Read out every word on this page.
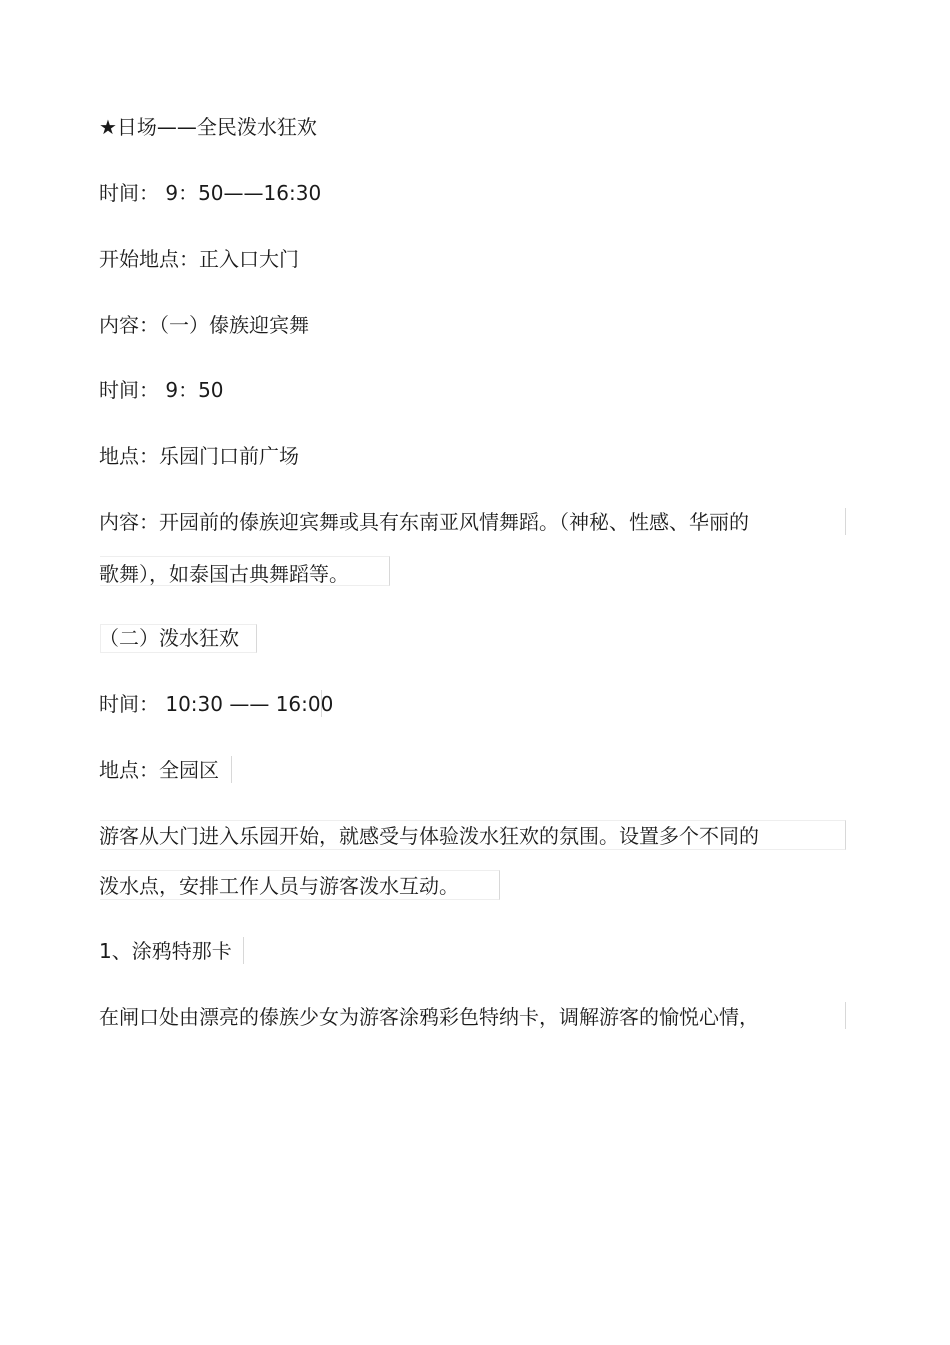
★日场——全民泼水狂欢
时间： 9：50——16:30
开始地点：正入口大门
内容：（一）傣族迎宾舞
时间： 9：50
地点：乐园门口前广场
内容：开园前的傣族迎宾舞或具有东南亚风情舞蹈。（神秘、性感、华丽的
歌舞），如泰国古典舞蹈等。
（二）泼水狂欢
时间： 10:30 —— 16:00
地点：全园区
游客从大门进入乐园开始，就感受与体验泼水狂欢的氛围。设置多个不同的
泼水点，安排工作人员与游客泼水互动。
1、涂鸦特那卡
在闸口处由漂亮的傣族少女为游客涂鸦彩色特纳卡，调解游客的愉悦心情，
